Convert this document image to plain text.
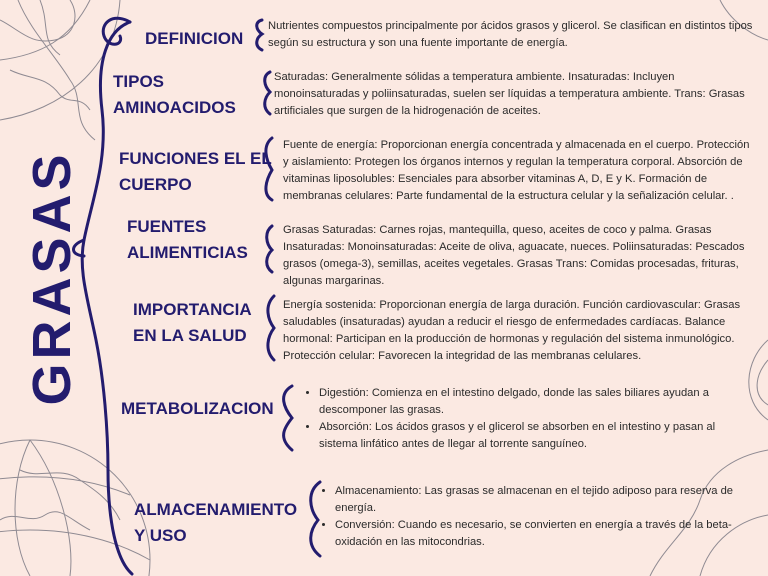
GRASAS
DEFINICION
Nutrientes compuestos principalmente por ácidos grasos y glicerol. Se clasifican en distintos tipos según su estructura y son una fuente importante de energía.
TIPOS
AMINOACIDOS
Saturadas: Generalmente sólidas a temperatura ambiente. Insaturadas: Incluyen monoinsaturadas y poliinsaturadas, suelen ser líquidas a temperatura ambiente. Trans: Grasas artificiales que surgen de la hidrogenación de aceites.
FUNCIONES EL EL
CUERPO
Fuente de energía: Proporcionan energía concentrada y almacenada en el cuerpo. Protección y aislamiento: Protegen los órganos internos y regulan la temperatura corporal. Absorción de vitaminas liposolubles: Esenciales para absorber vitaminas A, D, E y K. Formación de membranas celulares: Parte fundamental de la estructura celular y la señalización celular. .
FUENTES
ALIMENTICIAS
Grasas Saturadas: Carnes rojas, mantequilla, queso, aceites de coco y palma. Grasas Insaturadas: Monoinsaturadas: Aceite de oliva, aguacate, nueces. Poliinsaturadas: Pescados grasos (omega-3), semillas, aceites vegetales. Grasas Trans: Comidas procesadas, frituras, algunas margarinas.
IMPORTANCIA
EN LA SALUD
Energía sostenida: Proporcionan energía de larga duración. Función cardiovascular: Grasas saludables (insaturadas) ayudan a reducir el riesgo de enfermedades cardíacas. Balance hormonal: Participan en la producción de hormonas y regulación del sistema inmunológico. Protección celular: Favorecen la integridad de las membranas celulares.
METABOLIZACION
• Digestión: Comienza en el intestino delgado, donde las sales biliares ayudan a descomponer las grasas.
• Absorción: Los ácidos grasos y el glicerol se absorben en el intestino y pasan al sistema linfático antes de llegar al torrente sanguíneo.
ALMACENAMIENTO
Y USO
• Almacenamiento: Las grasas se almacenan en el tejido adiposo para reserva de energía.
• Conversión: Cuando es necesario, se convierten en energía a través de la beta-oxidación en las mitocondrias.
